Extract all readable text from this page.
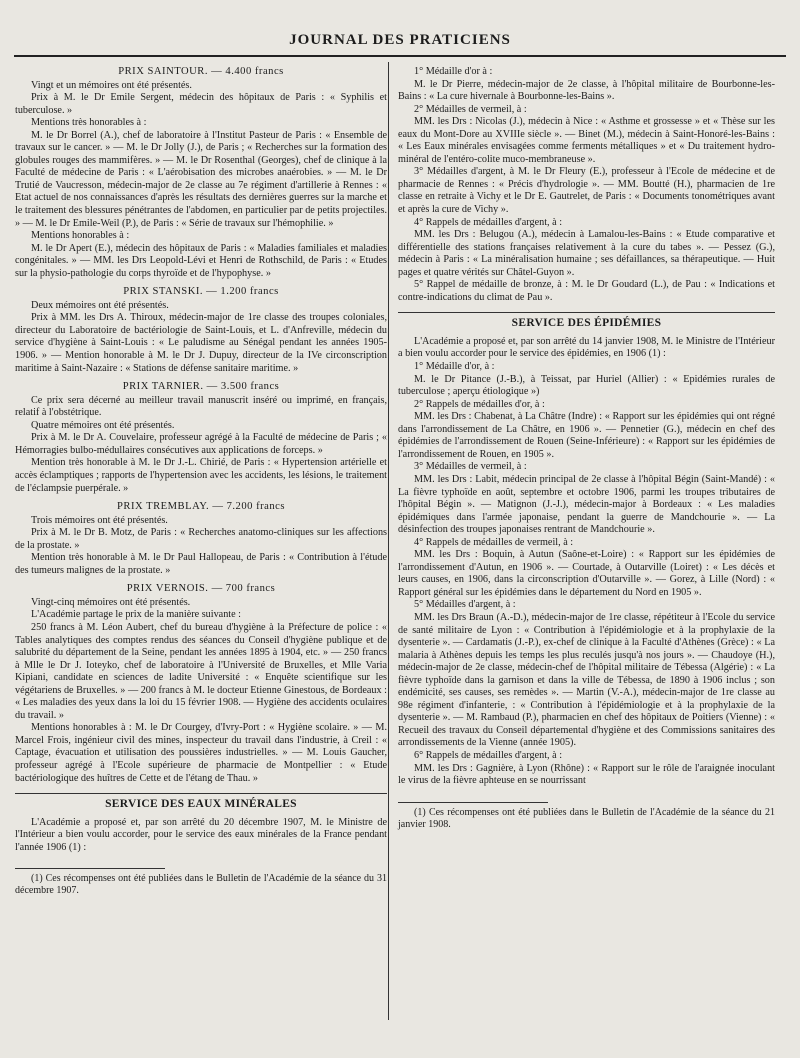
JOURNAL DES PRATICIENS

PRIX SAINTOUR. — 4.400 francs

Vingt et un mémoires ont été présentés.

Prix à M. le Dr Emile Sergent, médecin des hôpitaux de Paris : « Syphilis et tuberculose. »

Mentions très honorables à :

M. le Dr Borrel (A.), chef de laboratoire à l'Institut Pasteur de Paris : « Ensemble de travaux sur le cancer. » — M. le Dr Jolly (J.), de Paris ; « Recherches sur la formation des globules rouges des mammifères. » — M. le Dr Rosenthal (Georges), chef de clinique à la Faculté de médecine de Paris : « L'aérobisation des microbes anaérobies. » — M. le Dr Trutié de Vaucresson, médecin-major de 2e classe au 7e régiment d'artillerie à Rennes : « Etat actuel de nos connaissances d'après les résultats des dernières guerres sur la marche et le traitement des blessures pénétrantes de l'abdomen, en particulier par de petits projectiles. » — M. le Dr Emile-Weil (P.), de Paris : « Série de travaux sur l'hémophilie. »

Mentions honorables à :

M. le Dr Apert (E.), médecin des hôpitaux de Paris : « Maladies familiales et maladies congénitales. » — MM. les Drs Leopold-Lévi et Henri de Rothschild, de Paris : « Etudes sur la physio-pathologie du corps thyroïde et de l'hypophyse. »

PRIX STANSKI. — 1.200 francs

Deux mémoires ont été présentés.

Prix à MM. les Drs A. Thiroux, médecin-major de 1re classe des troupes coloniales, directeur du Laboratoire de bactériologie de Saint-Louis, et L. d'Anfreville, médecin du service d'hygiène à Saint-Louis : « Le paludisme au Sénégal pendant les années 1905-1906. » — Mention honorable à M. le Dr J. Dupuy, directeur de la IVe circonscription maritime à Saint-Nazaire : « Stations de défense sanitaire maritime. »

PRIX TARNIER. — 3.500 francs

Ce prix sera décerné au meilleur travail manuscrit inséré ou imprimé, en français, relatif à l'obstétrique.

Quatre mémoires ont été présentés.

Prix à M. le Dr A. Couvelaire, professeur agrégé à la Faculté de médecine de Paris ; « Hémorragies bulbo-médullaires consécutives aux applications de forceps. »

Mention très honorable à M. le Dr J.-L. Chirié, de Paris : « Hypertension artérielle et accès éclamptiques ; rapports de l'hypertension avec les accidents, les lésions, le traitement de l'éclampsie puerpérale. »

PRIX TREMBLAY. — 7.200 francs

Trois mémoires ont été présentés.

Prix à M. le Dr B. Motz, de Paris : « Recherches anatomo-cliniques sur les affections de la prostate. »

Mention très honorable à M. le Dr Paul Hallopeau, de Paris : « Contribution à l'étude des tumeurs malignes de la prostate. »

PRIX VERNOIS. — 700 francs

Vingt-cinq mémoires ont été présentés.

L'Académie partage le prix de la manière suivante :

250 francs à M. Léon Aubert, chef du bureau d'hygiène à la Préfecture de police : « Tables analytiques des comptes rendus des séances du Conseil d'hygiène publique et de salubrité du département de la Seine, pendant les années 1895 à 1904, etc. » — 250 francs à Mlle le Dr J. Ioteyko, chef de laboratoire à l'Université de Bruxelles, et Mlle Varia Kipiani, candidate en sciences de ladite Université : « Enquête scientifique sur les végétariens de Bruxelles. » — 200 francs à M. le docteur Etienne Ginestous, de Bordeaux : « Les maladies des yeux dans la loi du 15 février 1908. — Hygiène des accidents oculaires du travail. »

Mentions honorables à : M. le Dr Courgey, d'Ivry-Port : « Hygiène scolaire. » — M. Marcel Frois, ingénieur civil des mines, inspecteur du travail dans l'industrie, à Creil : « Captage, évacuation et utilisation des poussières industrielles. » — M. Louis Gaucher, professeur agrégé à l'Ecole supérieure de pharmacie de Montpellier : « Etude bactériologique des huîtres de Cette et de l'étang de Thau. »

SERVICE DES EAUX MINÉRALES

L'Académie a proposé et, par son arrêté du 20 décembre 1907, M. le Ministre de l'Intérieur a bien voulu accorder, pour le service des eaux minérales de la France pendant l'année 1906 (1) :

(1) Ces récompenses ont été publiées dans le Bulletin de l'Académie de la séance du 31 décembre 1907.

1° Médaille d'or à :

M. le Dr Pierre, médecin-major de 2e classe, à l'hôpital militaire de Bourbonne-les-Bains : « La cure hivernale à Bourbonne-les-Bains ».

2° Médailles de vermeil, à :

MM. les Drs : Nicolas (J.), médecin à Nice : « Asthme et grossesse » et « Thèse sur les eaux du Mont-Dore au XVIIIe siècle ». — Binet (M.), médecin à Saint-Honoré-les-Bains : « Les Eaux minérales envisagées comme ferments métalliques » et « Du traitement hydro-minéral de l'entéro-colite muco-membraneuse ».

3° Médailles d'argent, à M. le Dr Fleury (E.), professeur à l'Ecole de médecine et de pharmacie de Rennes : « Précis d'hydrologie ». — MM. Boutté (H.), pharmacien de 1re classe en retraite à Vichy et le Dr E. Gautrelet, de Paris : « Documents tonométriques avant et après la cure de Vichy ».

4° Rappels de médailles d'argent, à :

MM. les Drs : Belugou (A.), médecin à Lamalou-les-Bains : « Etude comparative et différentielle des stations françaises relativement à la cure du tabes ». — Pessez (G.), médecin à Paris : « La minéralisation humaine ; ses défaillances, sa thérapeutique. — Huit pages et quatre vérités sur Châtel-Guyon ».

5° Rappel de médaille de bronze, à : M. le Dr Goudard (L.), de Pau : « Indications et contre-indications du climat de Pau ».

SERVICE DES ÉPIDÉMIES

L'Académie a proposé et, par son arrêté du 14 janvier 1908, M. le Ministre de l'Intérieur a bien voulu accorder pour le service des épidémies, en 1906 (1) :

1° Médaille d'or, à :

M. le Dr Pitance (J.-B.), à Teissat, par Huriel (Allier) : « Epidémies rurales de tuberculose ; aperçu étiologique »)

2° Rappels de médailles d'or, à :

MM. les Drs : Chabenat, à La Châtre (Indre) : « Rapport sur les épidémies qui ont régné dans l'arrondissement de La Châtre, en 1906 ». — Pennetier (G.), médecin en chef des épidémies de l'arrondissement de Rouen (Seine-Inférieure) : « Rapport sur les épidémies de l'arrondissement de Rouen, en 1905 ».

3° Médailles de vermeil, à :

MM. les Drs : Labit, médecin principal de 2e classe à l'hôpital Bégin (Saint-Mandé) : « La fièvre typhoïde en août, septembre et octobre 1906, parmi les troupes tributaires de l'hôpital Bégin ». — Matignon (J.-J.), médecin-major à Bordeaux : « Les maladies épidémiques dans l'armée japonaise, pendant la guerre de Mandchourie ». — La désinfection des troupes japonaises rentrant de Mandchourie ».

4° Rappels de médailles de vermeil, à :

MM. les Drs : Boquin, à Autun (Saône-et-Loire) : « Rapport sur les épidémies de l'arrondissement d'Autun, en 1906 ». — Courtade, à Outarville (Loiret) : « Les décès et leurs causes, en 1906, dans la circonscription d'Outarville ». — Gorez, à Lille (Nord) : « Rapport général sur les épidémies dans le département du Nord en 1905 ».

5° Médailles d'argent, à :

MM. les Drs Braun (A.-D.), médecin-major de 1re classe, répétiteur à l'Ecole du service de santé militaire de Lyon : « Contribution à l'épidémiologie et à la prophylaxie de la dysenterie ». — Cardamatis (J.-P.), ex-chef de clinique à la Faculté d'Athènes (Grèce) : « La malaria à Athènes depuis les temps les plus reculés jusqu'à nos jours ». — Chaudoye (H.), médecin-major de 2e classe, médecin-chef de l'hôpital militaire de Tébessa (Algérie) : « La fièvre typhoïde dans la garnison et dans la ville de Tébessa, de 1890 à 1906 inclus ; son endémicité, ses causes, ses remèdes ». — Martin (V.-A.), médecin-major de 1re classe au 98e régiment d'infanterie, : « Contribution à l'épidémiologie et à la prophylaxie de la dysenterie ». — M. Rambaud (P.), pharmacien en chef des hôpitaux de Poitiers (Vienne) : « Recueil des travaux du Conseil départemental d'hygiène et des Commissions sanitaires des arrondissements de la Vienne (année 1905).

6° Rappels de médailles d'argent, à :

MM. les Drs : Gagnière, à Lyon (Rhône) : « Rapport sur le rôle de l'araignée inoculant le virus de la fièvre aphteuse en se nourrissant

(1) Ces récompenses ont été publiées dans le Bulletin de l'Académie de la séance du 21 janvier 1908.
